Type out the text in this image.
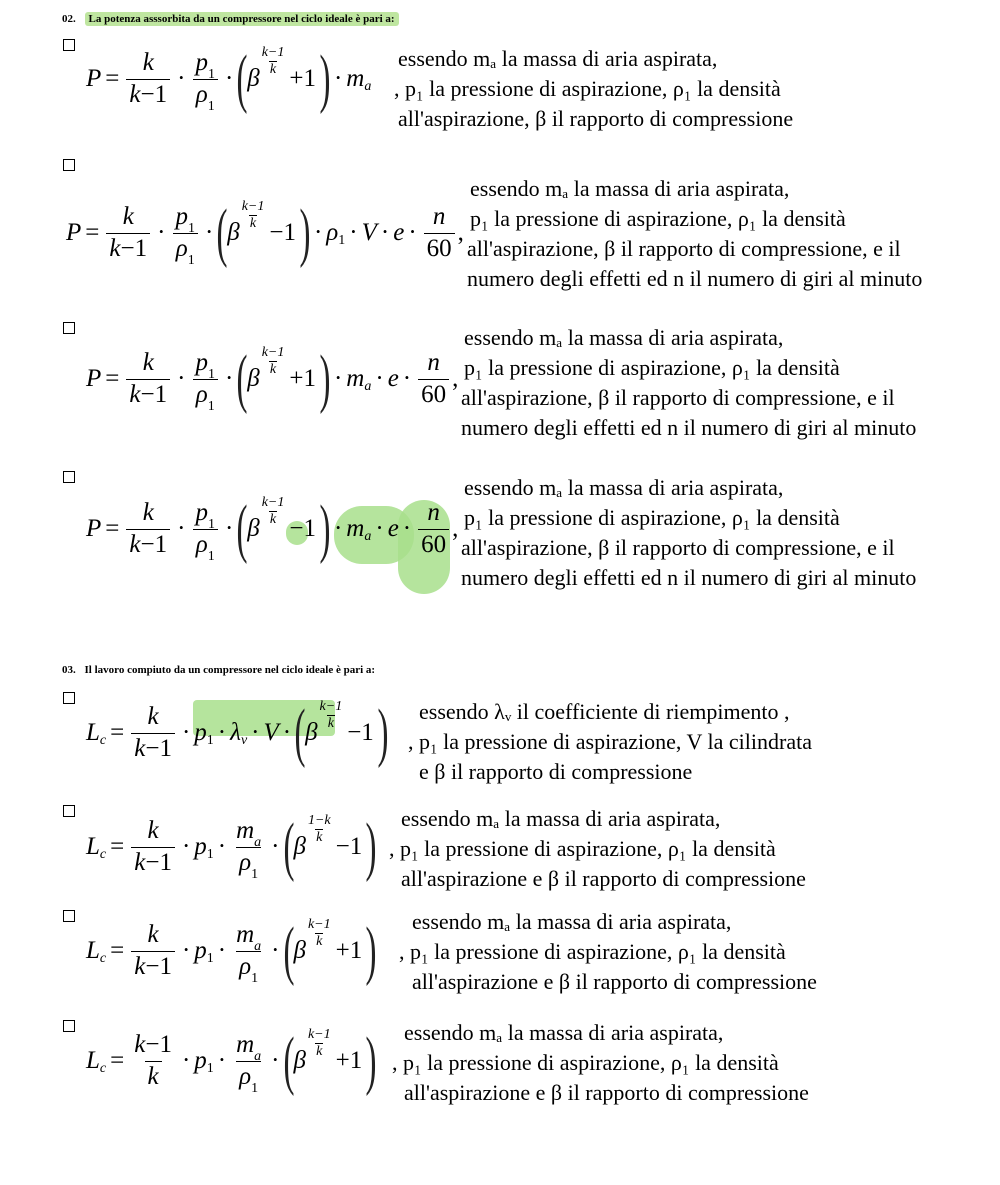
02. La potenza asssorbita da un compressore nel ciclo ideale è pari a:
$P = \frac{k}{k-1} \cdot \frac{p_1}{\rho_1}$ · ( β
k−1
k +1 ) · m a
essendo mₐ la massa di aria aspirata,
, p₁ la pressione di aspirazione, ρ₁ la densità
all'aspirazione, β il rapporto di compressione
$P = \frac{k}{k-1} \cdot \frac{p_1}{\rho_1}$ · ( β
k−1
k −1 ) · ρ $1 \cdot V \cdot e \cdot \frac{n}{60}$ ,
essendo mₐ la massa di aria aspirata,
p₁ la pressione di aspirazione, ρ₁ la densità
all'aspirazione, β il rapporto di compressione, e il
numero degli effetti ed n il numero di giri al minuto
$P = \frac{k}{k-1} \cdot \frac{p_1}{\rho_1}$ · ( β
k−1
k +1 ) · m $a \cdot e \cdot \frac{n}{60}$ ,
essendo mₐ la massa di aria aspirata,
p₁ la pressione di aspirazione, ρ₁ la densità
all'aspirazione, β il rapporto di compressione, e il
numero degli effetti ed n il numero di giri al minuto
$P = \frac{k}{k-1} \cdot \frac{p_1}{\rho_1}$ · ( β
k−1
k −1 ) · m $a \cdot e \cdot \frac{n}{60}$ ,
essendo mₐ la massa di aria aspirata,
p₁ la pressione di aspirazione, ρ₁ la densità
all'aspirazione, β il rapporto di compressione, e il
numero degli effetti ed n il numero di giri al minuto
03. Il lavoro compiuto da un compressore nel ciclo ideale è pari a:
L $c = \frac{k}{k-1} \cdot p$ 1 · λ v · V · ( β
k−1
k −1 )	essendo λᵥ il coefficiente di riempimento ,
, p₁ la pressione di aspirazione, V la cilindrata
e β il rapporto di compressione
L $c = \frac{k}{k-1} \cdot p$ $1 \cdot \frac{m_a}{\rho_1}$ · ( β
1−k
k −1 )	essendo mₐ la massa di aria aspirata,
, p₁ la pressione di aspirazione, ρ₁ la densità
all'aspirazione e β il rapporto di compressione
L $c = \frac{k}{k-1} \cdot p$ $1 \cdot \frac{m_a}{\rho_1}$ · ( β
k−1
k +1 )	essendo mₐ la massa di aria aspirata,
, p₁ la pressione di aspirazione, ρ₁ la densità
all'aspirazione e β il rapporto di compressione
L $c = \frac{k-1}{k} \cdot p$ $1 \cdot \frac{m_a}{\rho_1}$ · ( β
k−1
k +1 )	essendo mₐ la massa di aria aspirata,
, p₁ la pressione di aspirazione, ρ₁ la densità
all'aspirazione e β il rapporto di compressione
